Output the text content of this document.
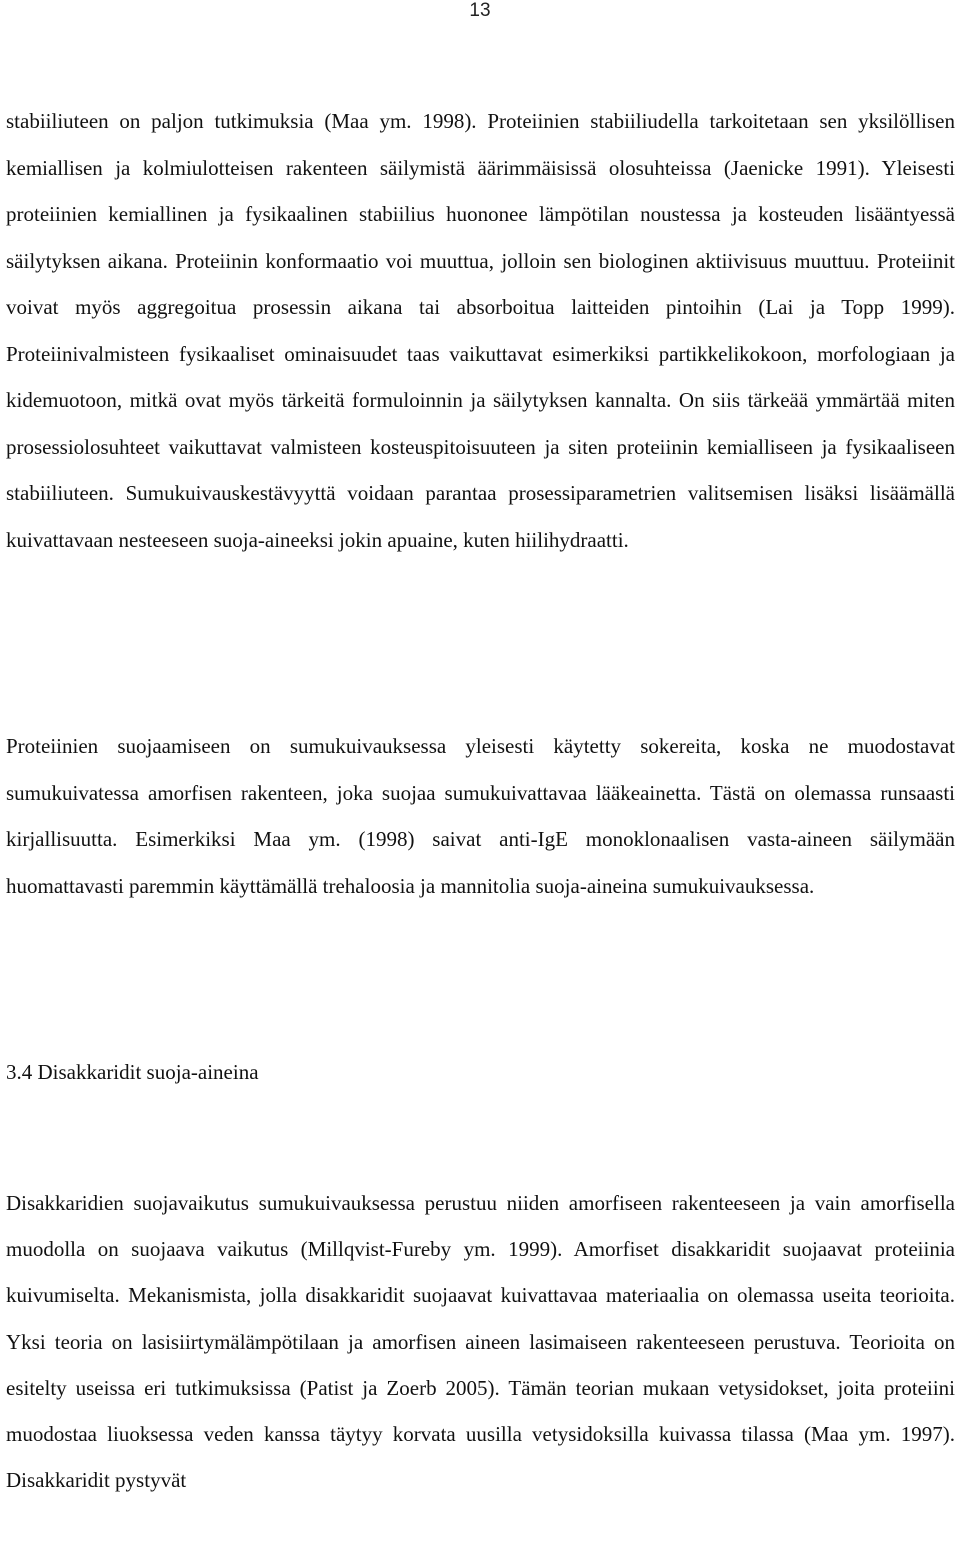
13

stabiiliuteen on paljon tutkimuksia (Maa ym. 1998). Proteiinien stabiiliudella tarkoitetaan sen yksilöllisen kemiallisen ja kolmiulotteisen rakenteen säilymistä äärimmäisissä olosuhteissa (Jaenicke 1991). Yleisesti proteiinien kemiallinen ja fysikaalinen stabiilius huononee lämpötilan noustessa ja kosteuden lisääntyessä säilytyksen aikana. Proteiinin konformaatio voi muuttua, jolloin sen biologinen aktiivisuus muuttuu. Proteiinit voivat myös aggregoitua prosessin aikana tai absorboitua laitteiden pintoihin (Lai ja Topp 1999). Proteiinivalmisteen fysikaaliset ominaisuudet taas vaikuttavat esimerkiksi partikkelikokoon, morfologiaan ja kidemuotoon, mitkä ovat myös tärkeitä formuloinnin ja säilytyksen kannalta. On siis tärkeää ymmärtää miten prosessiolosuhteet vaikuttavat valmisteen kosteuspitoisuuteen ja siten proteiinin kemialliseen ja fysikaaliseen stabiiliuteen. Sumukuivauskestävyyttä voidaan parantaa prosessiparametrien valitsemisen lisäksi lisäämällä kuivattavaan nesteeseen suoja-aineeksi jokin apuaine, kuten hiilihydraatti.

Proteiinien suojaamiseen on sumukuivauksessa yleisesti käytetty sokereita, koska ne muodostavat sumukuivatessa amorfisen rakenteen, joka suojaa sumukuivattavaa lääkeainetta. Tästä on olemassa runsaasti kirjallisuutta. Esimerkiksi Maa ym. (1998) saivat anti-IgE monoklonaalisen vasta-aineen säilymään huomattavasti paremmin käyttämällä trehaloosia ja mannitolia suoja-aineina sumukuivauksessa.

3.4 Disakkaridit suoja-aineina

Disakkaridien suojavaikutus sumukuivauksessa perustuu niiden amorfiseen rakenteeseen ja vain amorfisella muodolla on suojaava vaikutus (Millqvist-Fureby ym. 1999). Amorfiset disakkaridit suojaavat proteiinia kuivumiselta. Mekanismista, jolla disakkaridit suojaavat kuivattavaa materiaalia on olemassa useita teorioita. Yksi teoria on lasisiirtymälämpötilaan ja amorfisen aineen lasimaiseen rakenteeseen perustuva. Teorioita on esitelty useissa eri tutkimuksissa (Patist ja Zoerb 2005). Tämän teorian mukaan vetysidokset, joita proteiini muodostaa liuoksessa veden kanssa täytyy korvata uusilla vetysidoksilla kuivassa tilassa (Maa ym. 1997). Disakkaridit pystyvät
